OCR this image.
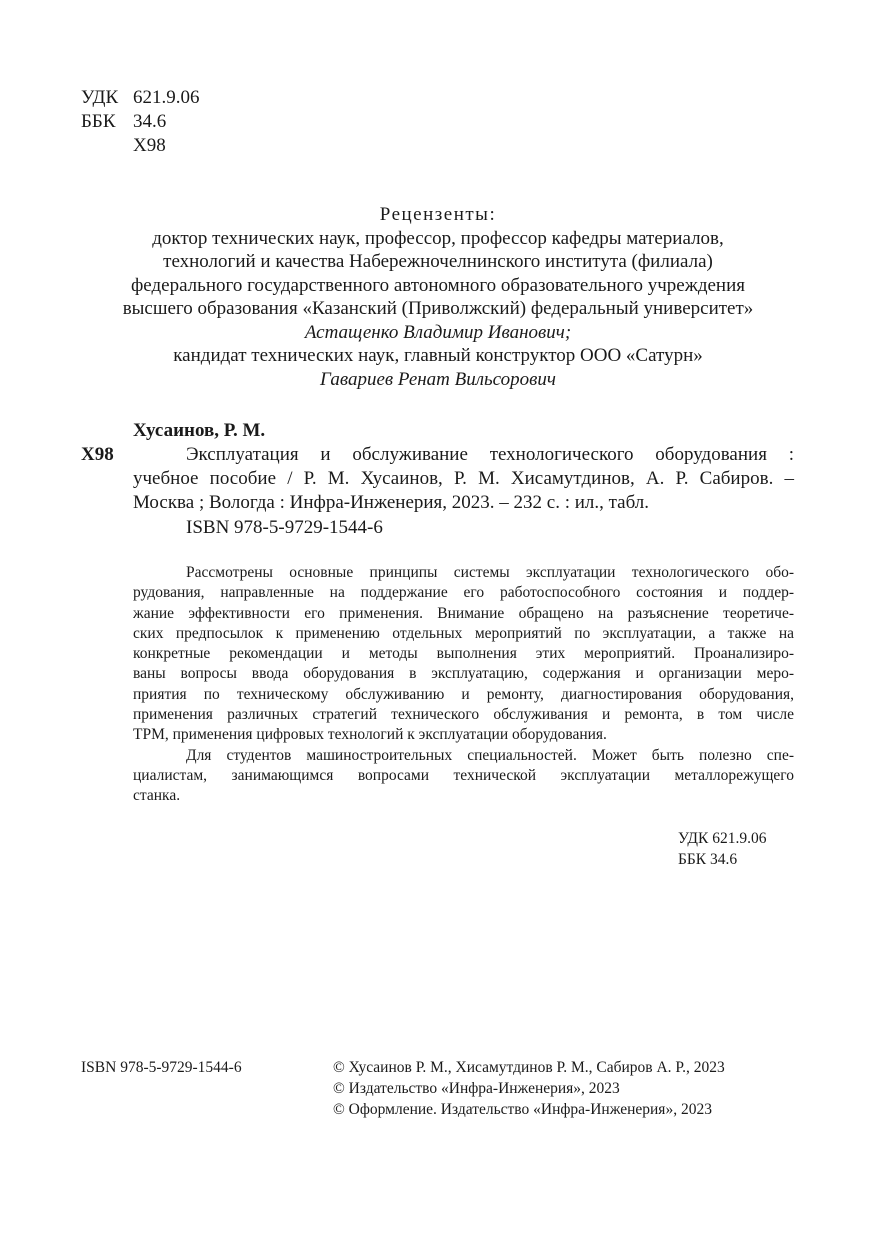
УДК 621.9.06
ББК 34.6
Х98
Рецензенты:
доктор технических наук, профессор, профессор кафедры материалов,
технологий и качества Набережночелнинского института (филиала)
федерального государственного автономного образовательного учреждения
высшего образования «Казанский (Приволжский) федеральный университет»
Астащенко Владимир Иванович;
кандидат технических наук, главный конструктор ООО «Сатурн»
Гавариев Ренат Вильсорович
Хусаинов, Р. М.
Х98	Эксплуатация и обслуживание технологического оборудования :
учебное пособие / Р. М. Хусаинов, Р. М. Хисамутдинов, А. Р. Сабиров. –
Москва ; Вологда : Инфра-Инженерия, 2023. – 232 с. : ил., табл.
ISBN 978-5-9729-1544-6
Рассмотрены основные принципы системы эксплуатации технологического обо-
рудования, направленные на поддержание его работоспособного состояния и поддер-
жание эффективности его применения. Внимание обращено на разъяснение теоретиче-
ских предпосылок к применению отдельных мероприятий по эксплуатации, а также на
конкретные рекомендации и методы выполнения этих мероприятий. Проанализиро-
ваны вопросы ввода оборудования в эксплуатацию, содержания и организации меро-
приятия по техническому обслуживанию и ремонту, диагностирования оборудования,
применения различных стратегий технического обслуживания и ремонта, в том числе
TPM, применения цифровых технологий к эксплуатации оборудования.
Для студентов машиностроительных специальностей. Может быть полезно спе-
циалистам, занимающимся вопросами технической эксплуатации металлорежущего
станка.
УДК 621.9.06
ББК 34.6
ISBN 978-5-9729-1544-6	© Хусаинов Р. М., Хисамутдинов Р. М., Сабиров А. Р., 2023
© Издательство «Инфра-Инженерия», 2023
© Оформление. Издательство «Инфра-Инженерия», 2023
